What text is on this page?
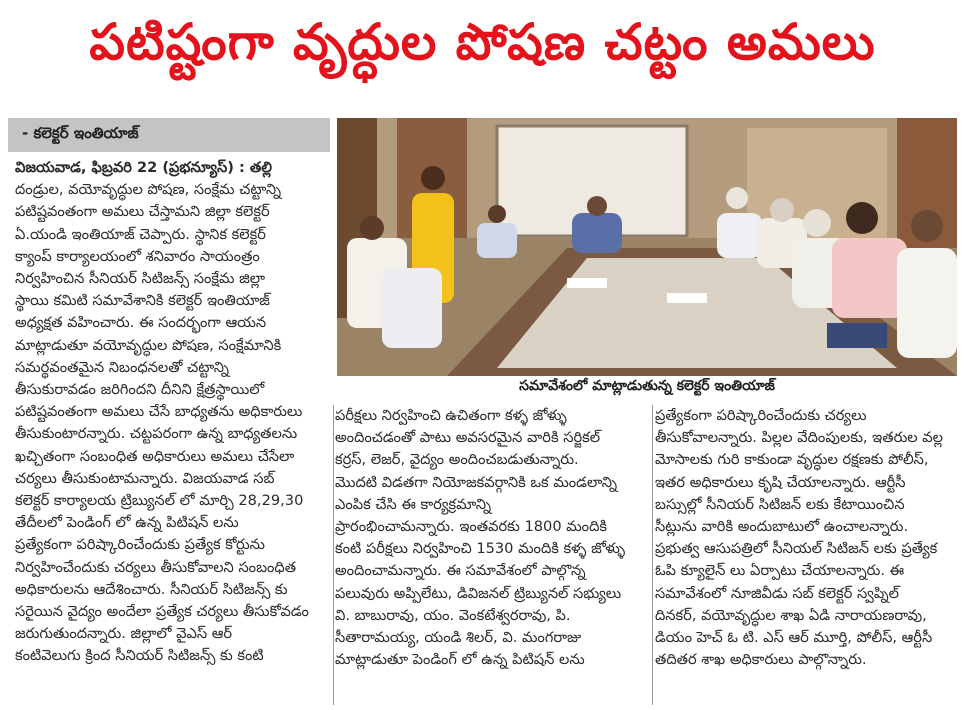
పటిష్టంగా వృద్ధుల పోషణ చట్టం అమలు
- కలెక్టర్ ఇంతియాజ్

విజయవాడ, ఫిబ్రవరి 22 (ప్రభన్యూస్) : తల్లి

దండ్రుల, వయోవృద్ధుల పోషణ, సంక్షేమ చట్టాన్ని

పటిష్టవంతంగా అమలు చేస్తామని జిల్లా కలెక్టర్

ఏ.యండి ఇంతియాజ్ చెప్పారు. స్థానిక కలెక్టర్

క్యాంప్ కార్యాలయంలో శనివారం సాయంత్రం

నిర్వహించిన సీనియర్ సిటిజన్స్ సంక్షేమ జిల్లా

స్థాయి కమిటి సమావేశానికి కలెక్టర్ ఇంతియాజ్

అధ్యక్షత వహించారు. ఈ సందర్భంగా ఆయన

మాట్లాడుతూ వయోవృద్ధుల పోషణ, సంక్షేమానికి

సమర్థవంతమైన నిబంధనలతో చట్టాన్ని

తీసుకురావడం జరిగిందని దీనిని క్షేత్రస్థాయిలో

పటిష్టవంతంగా అమలు చేసే బాధ్యతను అధికారులు

తీసుకుంటారన్నారు. చట్టపరంగా ఉన్న బాధ్యతలను

ఖచ్చితంగా సంబంధిత అధికారులు అమలు చేసేలా

చర్యలు తీసుకుంటామన్నారు. విజయవాడ సబ్

కలెక్టర్ కార్యాలయ ట్రిబ్యునల్ లో మార్చి 28,29,30

తేదీలలో పెండింగ్ లో ఉన్న పిటిషన్ లను

ప్రత్యేకంగా పరిష్కారించేందుకు ప్రత్యేక కోర్టును

నిర్వహించేందుకు చర్యలు తీసుకోవాలని సంబంధిత

అధికారులను ఆదేశించారు. సీనియర్ సిటిజన్స్ కు

సరైయిన వైద్యం అందేలా ప్రత్యేక చర్యలు తీసుకోవడం

జరుగుతుందన్నారు. జిల్లాలో వైఎస్ ఆర్

కంటివెలుగు క్రింద సీనియర్ సిటిజన్స్ కు కంటి

పరీక్షలు నిర్వహించి ఉచితంగా కళ్ళ జోళ్ళు

అందించడంతో పాటు అవసరమైన వారికి సర్జికల్

కర్రస్, లెజర్, వైద్యం అందించబడుతున్నారు.

మొదటి విడతగా నియోజకవర్గానికి ఒక మండలాన్ని

ఎంపిక చేసి ఈ కార్యక్రమాన్ని

ప్రారంభించామన్నారు. ఇంతవరకు 1800 మందికి

కంటి పరీక్షలు నిర్వహించి 1530 మందికి కళ్ళ జోళ్ళు

అందించామన్నారు. ఈ సమావేశంలో పాల్గొన్న

పలువురు అప్పిలేటు, డివిజనల్ ట్రిబ్యునల్ సభ్యులు

వి. బాబురావు, యం. వెంకటేశ్వరరావు, పి.

సీతారామయ్య, యండి శిలర్, వి. మంగరాజు

మాట్లాడుతూ పెండింగ్ లో ఉన్న పిటిషన్ లను

ప్రత్యేకంగా పరిష్కారించేందుకు చర్యలు

తీసుకోవాలన్నారు. పిల్లల వేదింపులకు, ఇతరుల వల్ల

మోసాలకు గురి కాకుండా వృద్ధుల రక్షణకు పోలీస్,

ఇతర అధికారులు కృషి చేయాలన్నారు. ఆర్టీసీ

బస్సుల్లో సీనియర్ సిటిజన్ లకు కేటాయించిన

సీట్లును వారికి అందుబాటులో ఉంచాలన్నారు.

ప్రభుత్వ ఆసుపత్రిలో సీనియల్ సిటిజన్ లకు ప్రత్యేక

ఓపి క్యూలైన్ లు ఏర్పాటు చేయాలన్నారు. ఈ

సమావేశంలో నూజివీడు సబ్ కలెక్టర్ స్వప్నిల్

దినకర్, వయోవృద్ధుల శాఖ ఏడి నారాయణరావు,

డియం హెచ్ ఓ టి. ఎస్ ఆర్ మూర్తి, పోలీస్, ఆర్టీసీ

తదితర శాఖ అధికారులు పాల్గొన్నారు.

సమావేశంలో మాట్లాడుతున్న కలెక్టర్ ఇంతియాజ్
